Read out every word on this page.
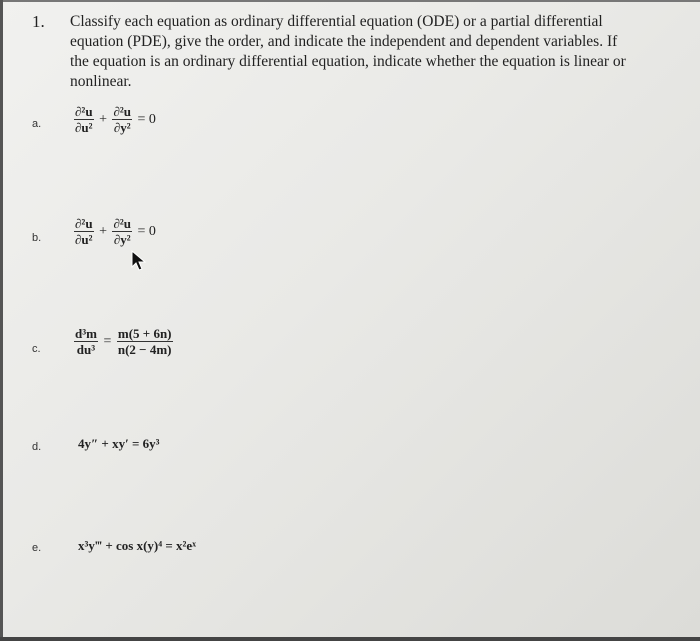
1. Classify each equation as ordinary differential equation (ODE) or a partial differential equation (PDE), give the order, and indicate the independent and dependent variables. If the equation is an ordinary differential equation, indicate whether the equation is linear or nonlinear.
a.	$\frac{\text{∂²u}}{\text{∂u²}} + \frac{\text{∂²u}}{\text{∂y²}} = 0$
b.	$\frac{\text{∂²u}}{\text{∂u²}} + \frac{\text{∂²u}}{\text{∂y²}} = 0$
c.	$\frac{\text{d³m}}{\text{du³}} = \frac{m(5 + 6n)}{n(2 - 4m)}$
d.	4y″ + xy′ = 6y³
e.	x³y‴ + cos x(y)⁴ = x²eˣ
